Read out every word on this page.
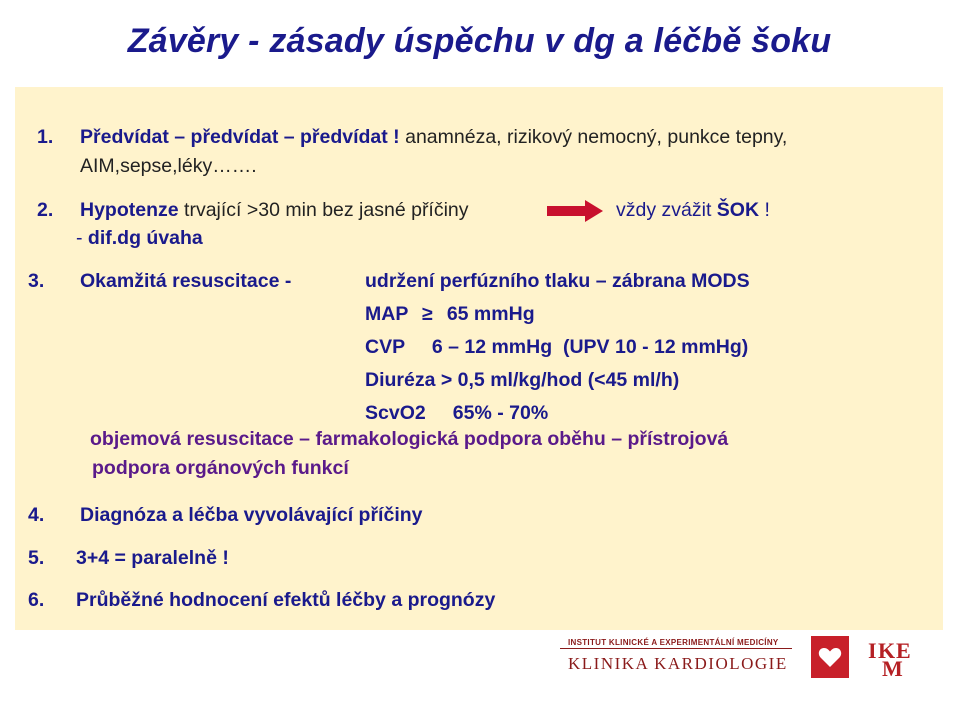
Závěry - zásady úspěchu v dg a léčbě šoku
1. Předvídat – předvídat – předvídat ! anamnéza, rizikový nemocný, punkce tepny,
AIM,sepse,léky…….
2. Hypotenze trvající >30 min bez jasné příčiny	vždy zvážit ŠOK !
- dif.dg úvaha
3. Okamžitá resuscitace -	udržení perfúzního tlaku – zábrana MODS
MAP ≥ 65 mmHg
CVP     6 – 12 mmHg  (UPV 10 - 12 mmHg)
Diuréza > 0,5 ml/kg/hod (<45 ml/h)
ScvO2     65% - 70%
objemová resuscitace – farmakologická podpora oběhu – přístrojová
podpora orgánových funkcí
4. Diagnóza a léčba vyvolávající příčiny
5. 3+4 = paralelně !
6. Průběžné hodnocení efektů léčby a prognózy
INSTITUT KLINICKÉ A EXPERIMENTÁLNÍ MEDICÍNY
KLINIKA KARDIOLOGIE
I K E
M
